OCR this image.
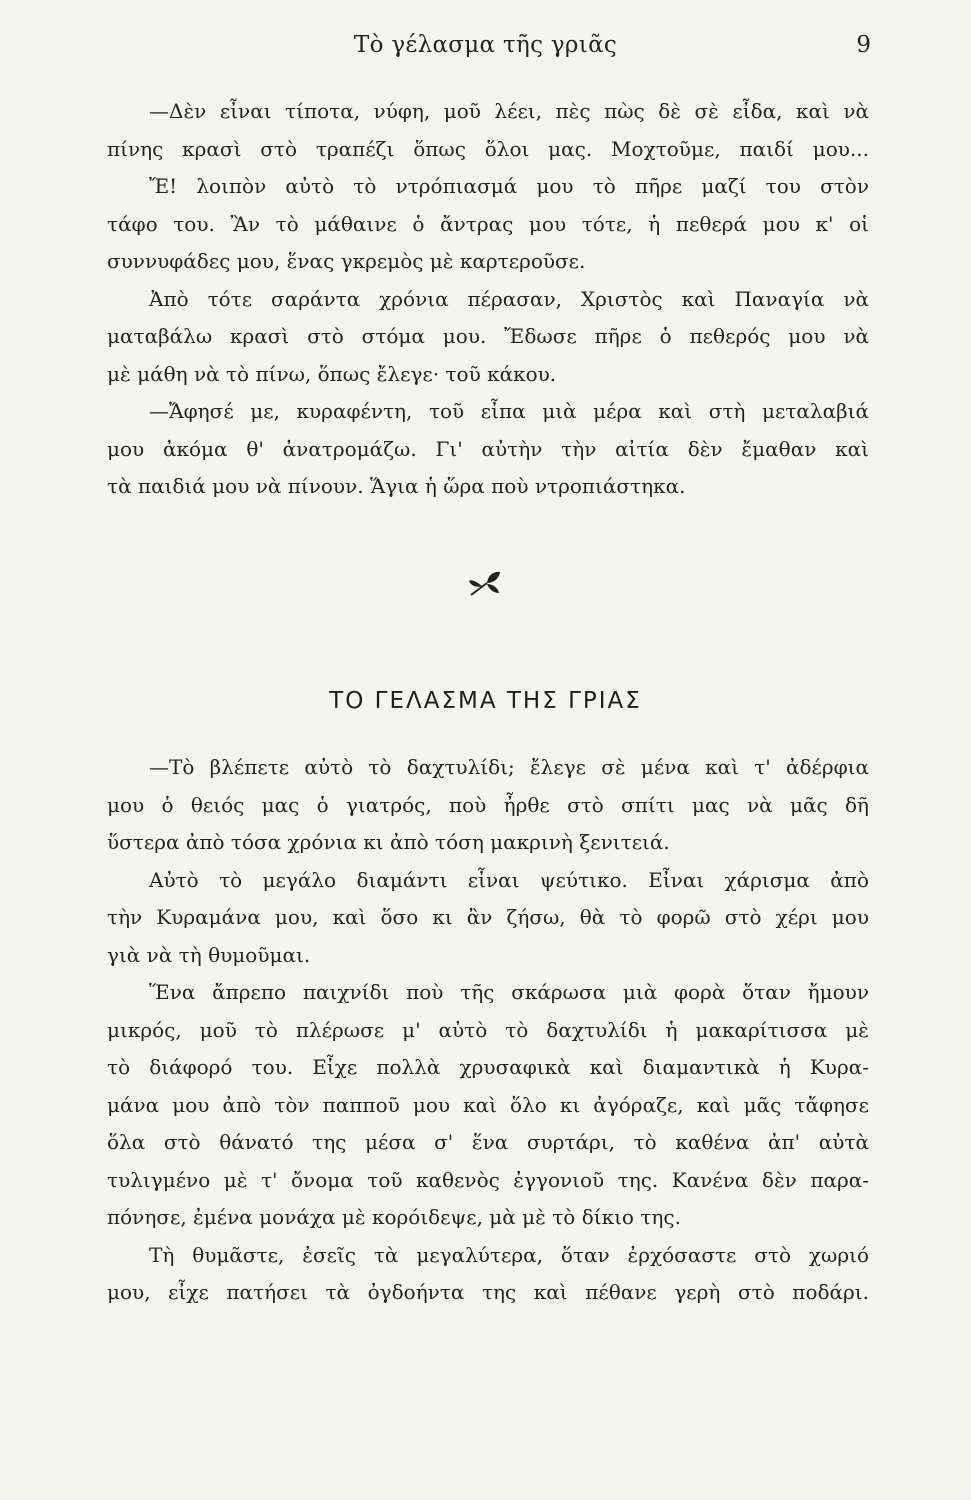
Τὸ γέλασμα τῆς γριᾶς	9
—Δὲν εἶναι τίποτα, νύφη, μοῦ λέει, πὲς πὼς δὲ σὲ εἶδα, καὶ νὰ
πίνης κρασὶ στὸ τραπέζι ὅπως ὅλοι μας. Μοχτοῦμε, παιδί μου...
Ἔ! λοιπὸν αὐτὸ τὸ ντρόπιασμά μου τὸ πῆρε μαζί του στὸν
τάφο του. Ἂν τὸ μάθαινε ὁ ἄντρας μου τότε, ἡ πεθερά μου κ' οἱ
συννυφάδες μου, ἕνας γκρεμὸς μὲ καρτεροῦσε.
Ἀπὸ τότε σαράντα χρόνια πέρασαν, Χριστὸς καὶ Παναγία νὰ
ματαβάλω κρασὶ στὸ στόμα μου. Ἔδωσε πῆρε ὁ πεθερός μου νὰ
μὲ μάθη νὰ τὸ πίνω, ὅπως ἔλεγε· τοῦ κάκου.
—Ἄφησέ με, κυραφέντη, τοῦ εἶπα μιὰ μέρα καὶ στὴ μεταλαβιά
μου ἀκόμα θ' ἀνατρομάζω. Γι' αὐτὴν τὴν αἰτία δὲν ἔμαθαν καὶ
τὰ παιδιά μου νὰ πίνουν. Ἅγια ἡ ὥρα ποὺ ντροπιάστηκα.
ΤΟ ΓΕΛΑΣΜΑ ΤΗΣ ΓΡΙΑΣ
—Τὸ βλέπετε αὐτὸ τὸ δαχτυλίδι; ἔλεγε σὲ μένα καὶ τ' ἀδέρφια
μου ὁ θειός μας ὁ γιατρός, ποὺ ἦρθε στὸ σπίτι μας νὰ μᾶς δῆ
ὕστερα ἀπὸ τόσα χρόνια κι ἀπὸ τόση μακρινὴ ξενιτειά.
Αὐτὸ τὸ μεγάλο διαμάντι εἶναι ψεύτικο. Εἶναι χάρισμα ἀπὸ
τὴν Κυραμάνα μου, καὶ ὅσο κι ἂν ζήσω, θὰ τὸ φορῶ στὸ χέρι μου
γιὰ νὰ τὴ θυμοῦμαι.
Ἕνα ἄπρεπο παιχνίδι ποὺ τῆς σκάρωσα μιὰ φορὰ ὅταν ἤμουν
μικρός, μοῦ τὸ πλέρωσε μ' αὐτὸ τὸ δαχτυλίδι ἡ μακαρίτισσα μὲ
τὸ διάφορό του. Εἶχε πολλὰ χρυσαφικὰ καὶ διαμαντικὰ ἡ Κυρα-
μάνα μου ἀπὸ τὸν παπποῦ μου καὶ ὅλο κι ἀγόραζε, καὶ μᾶς τἄφησε
ὅλα στὸ θάνατό της μέσα σ' ἕνα συρτάρι, τὸ καθένα ἀπ' αὐτὰ
τυλιγμένο μὲ τ' ὄνομα τοῦ καθενὸς ἐγγονιοῦ της. Κανένα δὲν παρα-
πόνησε, ἐμένα μονάχα μὲ κορόιδεψε, μὰ μὲ τὸ δίκιο της.
Τὴ θυμᾶστε, ἐσεῖς τὰ μεγαλύτερα, ὅταν ἐρχόσαστε στὸ χωριό
μου, εἶχε πατήσει τὰ ὀγδοήντα της καὶ πέθανε γερὴ στὸ ποδάρι.
